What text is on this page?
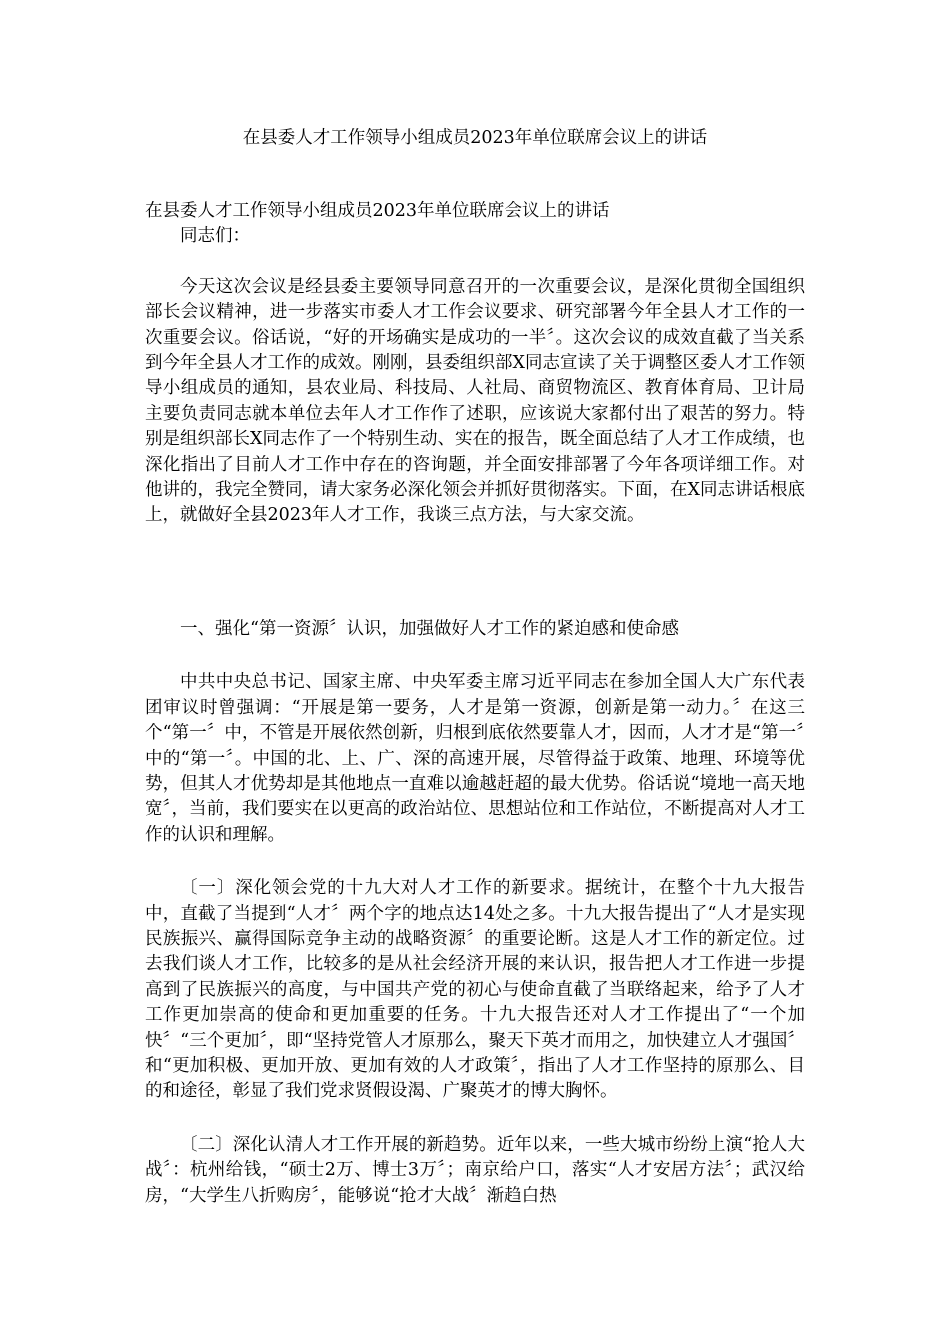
在县委人才工作领导小组成员2023年单位联席会议上的讲话

在县委人才工作领导小组成员2023年单位联席会议上的讲话

同志们：

今天这次会议是经县委主要领导同意召开的一次重要会议，是深化贯彻全国组织部长会议精神，进一步落实市委人才工作会议要求、研究部署今年全县人才工作的一次重要会议。俗话说，“好的开场确实是成功的一半〞。这次会议的成效直截了当关系到今年全县人才工作的成效。刚刚，县委组织部X同志宣读了关于调整区委人才工作领导小组成员的通知，县农业局、科技局、人社局、商贸物流区、教育体育局、卫计局主要负责同志就本单位去年人才工作作了述职，应该说大家都付出了艰苦的努力。特别是组织部长X同志作了一个特别生动、实在的报告，既全面总结了人才工作成绩，也深化指出了目前人才工作中存在的咨询题，并全面安排部署了今年各项详细工作。对他讲的，我完全赞同，请大家务必深化领会并抓好贯彻落实。下面，在X同志讲话根底上，就做好全县2023年人才工作，我谈三点方法，与大家交流。

一、强化“第一资源〞认识，加强做好人才工作的紧迫感和使命感

中共中央总书记、国家主席、中央军委主席习近平同志在参加全国人大广东代表团审议时曾强调：“开展是第一要务，人才是第一资源，创新是第一动力。〞在这三个“第一〞中，不管是开展依然创新，归根到底依然要靠人才，因而，人才才是“第一〞中的“第一〞。中国的北、上、广、深的高速开展，尽管得益于政策、地理、环境等优势，但其人才优势却是其他地点一直难以逾越赶超的最大优势。俗话说“境地一高天地宽〞，当前，我们要实在以更高的政治站位、思想站位和工作站位，不断提高对人才工作的认识和理解。

〔一〕深化领会党的十九大对人才工作的新要求。据统计，在整个十九大报告中，直截了当提到“人才〞两个字的地点达14处之多。十九大报告提出了“人才是实现民族振兴、赢得国际竞争主动的战略资源〞的重要论断。这是人才工作的新定位。过去我们谈人才工作，比较多的是从社会经济开展的来认识，报告把人才工作进一步提高到了民族振兴的高度，与中国共产党的初心与使命直截了当联络起来，给予了人才工作更加崇高的使命和更加重要的任务。十九大报告还对人才工作提出了“一个加快〞“三个更加〞，即“坚持党管人才原那么，聚天下英才而用之，加快建立人才强国〞和“更加积极、更加开放、更加有效的人才政策〞，指出了人才工作坚持的原那么、目的和途径，彰显了我们党求贤假设渴、广聚英才的博大胸怀。

〔二〕深化认清人才工作开展的新趋势。近年以来，一些大城市纷纷上演“抢人大战〞：杭州给钱，“硕士2万、博士3万〞；南京给户口，落实“人才安居方法〞；武汉给房，“大学生八折购房〞，能够说“抢才大战〞渐趋白热
